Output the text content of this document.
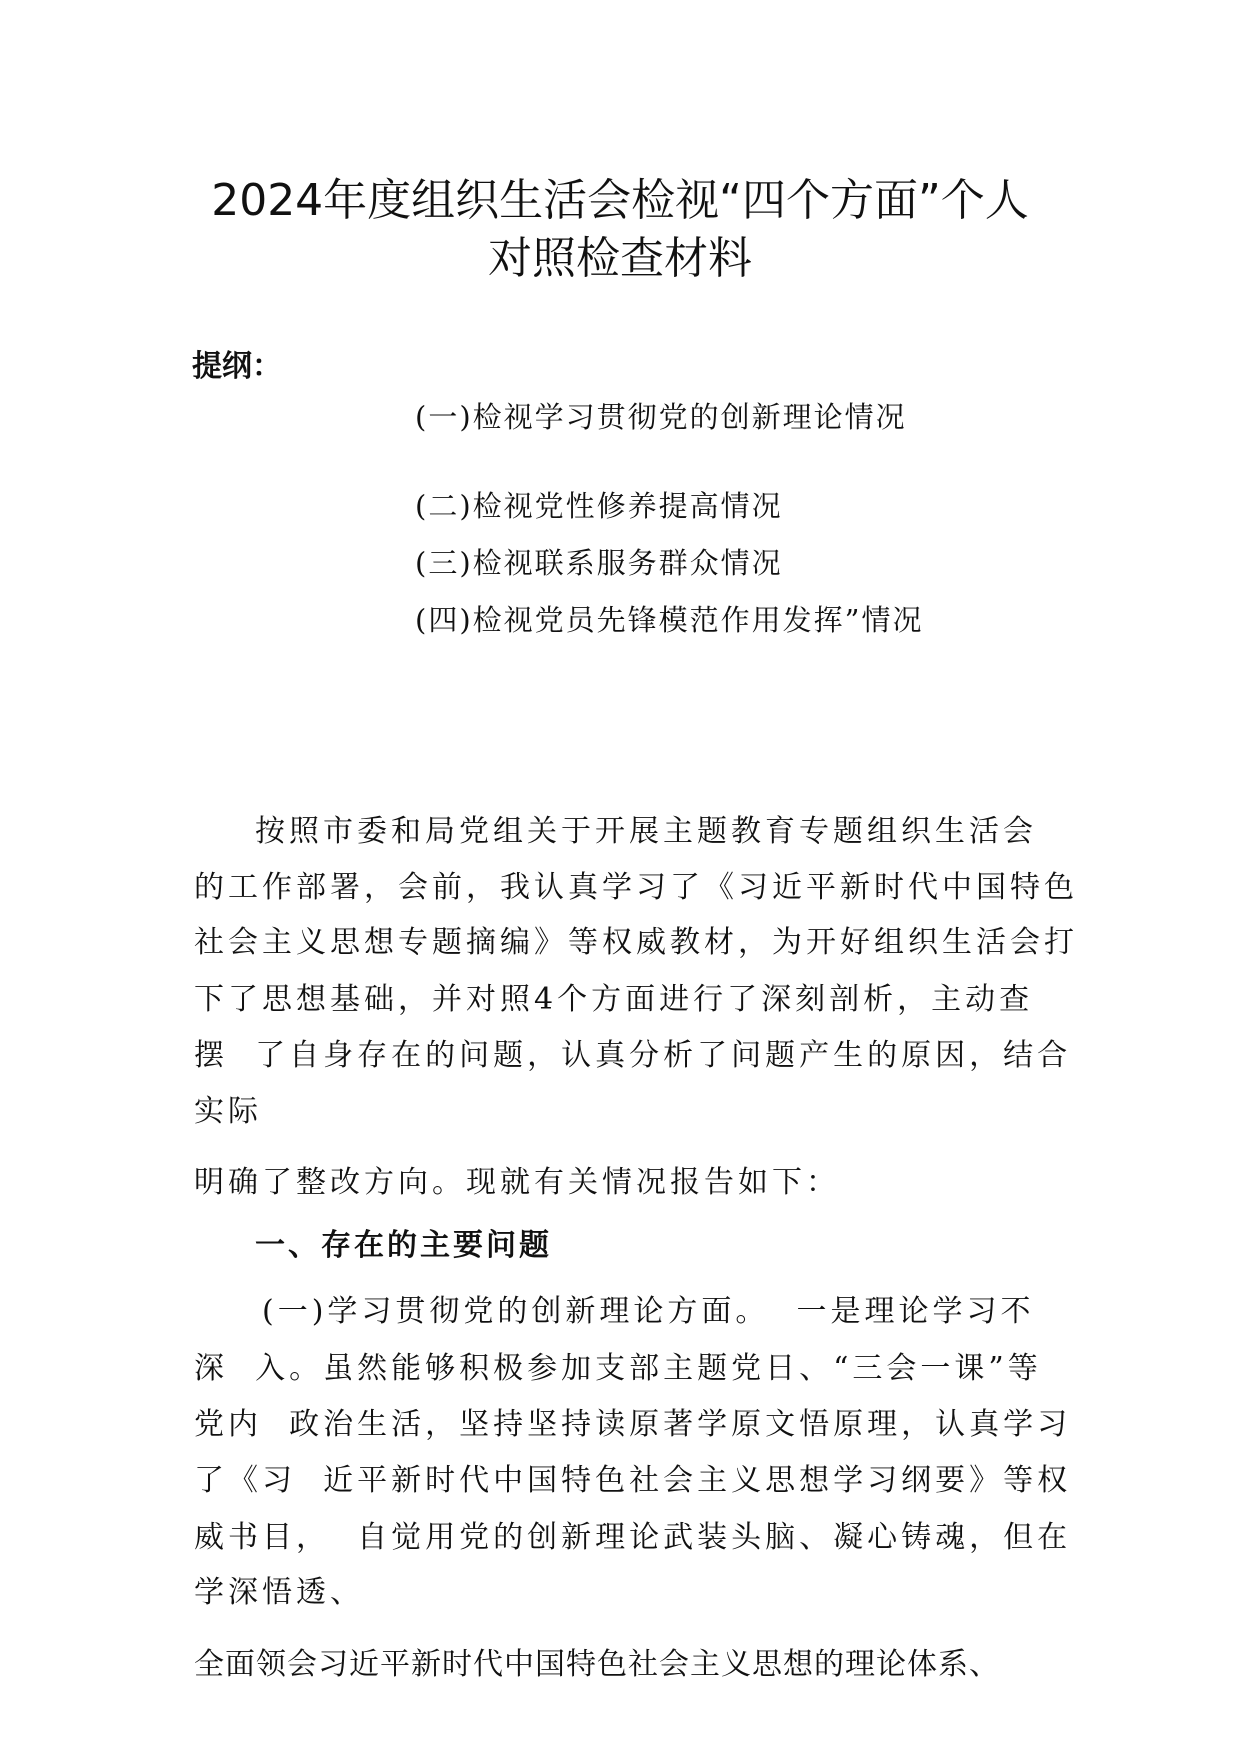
2024年度组织生活会检视“四个方面”个人
对照检查材料
提纲：
(一)检视学习贯彻党的创新理论情况
(二)检视党性修养提高情况
(三)检视联系服务群众情况
(四)检视党员先锋模范作用发挥”情况
按照市委和局党组关于开展主题教育专题组织生活会
的工作部署，会前，我认真学习了《习近平新时代中国特色
社会主义思想专题摘编》等权威教材，为开好组织生活会打
下了思想基础，并对照4个方面进行了深刻剖析，主动查
摆  了自身存在的问题，认真分析了问题产生的原因，结合
实际
明确了整改方向。现就有关情况报告如下：
一、存在的主要问题
(一)学习贯彻党的创新理论方面。  一是理论学习不
深  入。虽然能够积极参加支部主题党日、“三会一课”等
党内  政治生活，坚持坚持读原著学原文悟原理，认真学习
了《习  近平新时代中国特色社会主义思想学习纲要》等权
威书目，  自觉用党的创新理论武装头脑、凝心铸魂，但在
学深悟透、
全面领会习近平新时代中国特色社会主义思想的理论体系、
